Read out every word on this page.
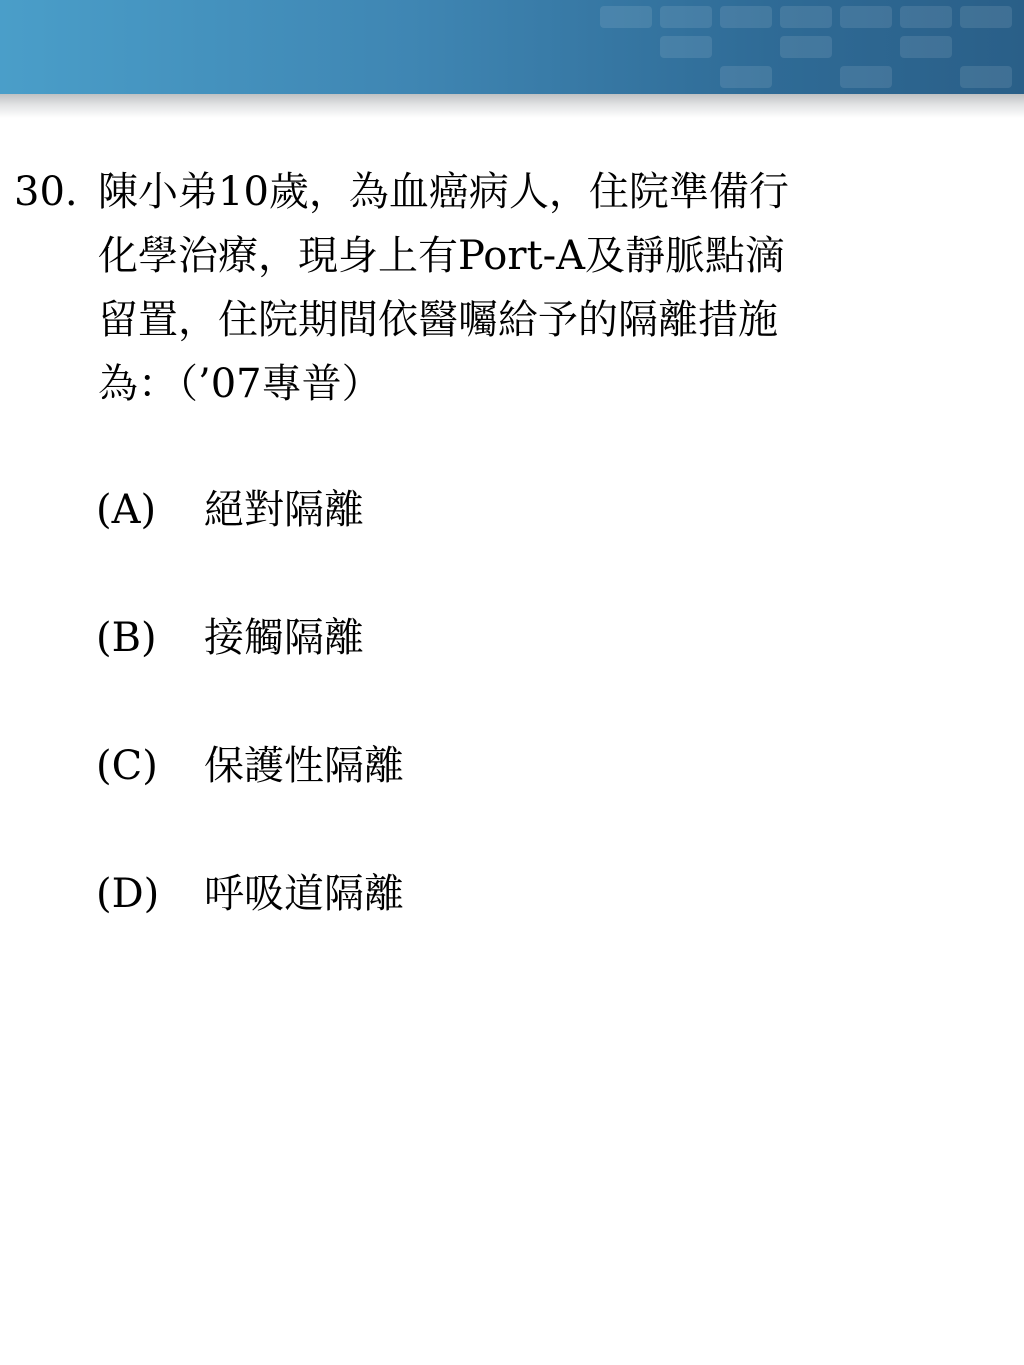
30. 陳小弟10歲，為血癌病人，住院準備行
化學治療，現身上有Port-A及靜脈點滴
留置，住院期間依醫囑給予的隔離措施
為：（’07專普）
(A)	絕對隔離
(B)	接觸隔離
(C)	保護性隔離
(D)	呼吸道隔離
